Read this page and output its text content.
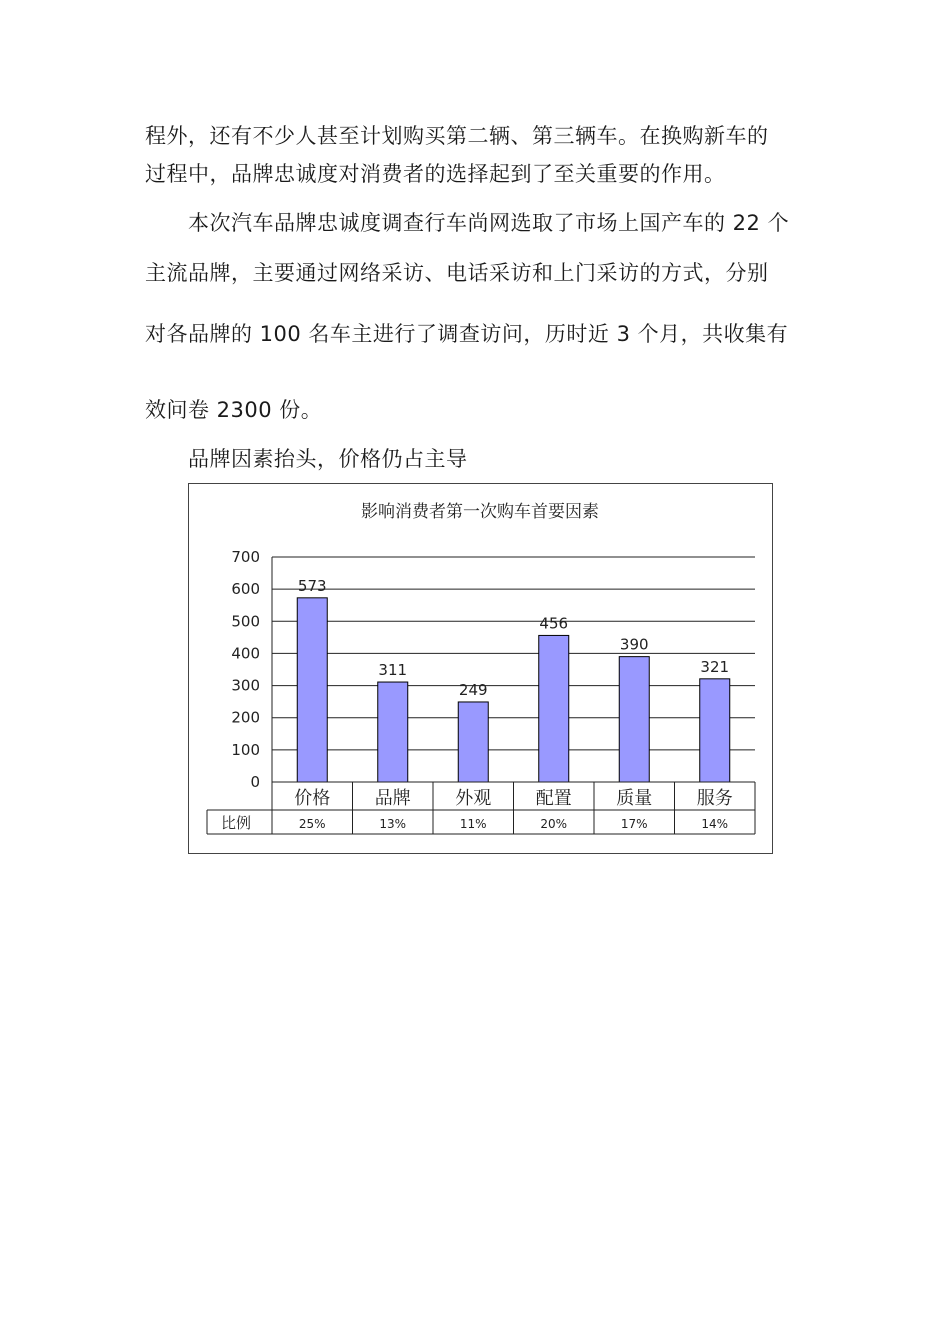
程外，还有不少人甚至计划购买第二辆、第三辆车。在换购新车的
过程中，品牌忠诚度对消费者的选择起到了至关重要的作用。
本次汽车品牌忠诚度调查行车尚网选取了市场上国产车的 22 个
主流品牌，主要通过网络采访、电话采访和上门采访的方式，分别
对各品牌的 100 名车主进行了调查访问，历时近 3 个月，共收集有
效问卷 2300 份。
品牌因素抬头，价格仍占主导
影响消费者第一次购车首要因素
0
100
200
300
400
500
600
700
573
311
249
456
390
321
比例
价格
25%
品牌
13%
外观
11%
配置
20%
质量
17%
服务
14%
